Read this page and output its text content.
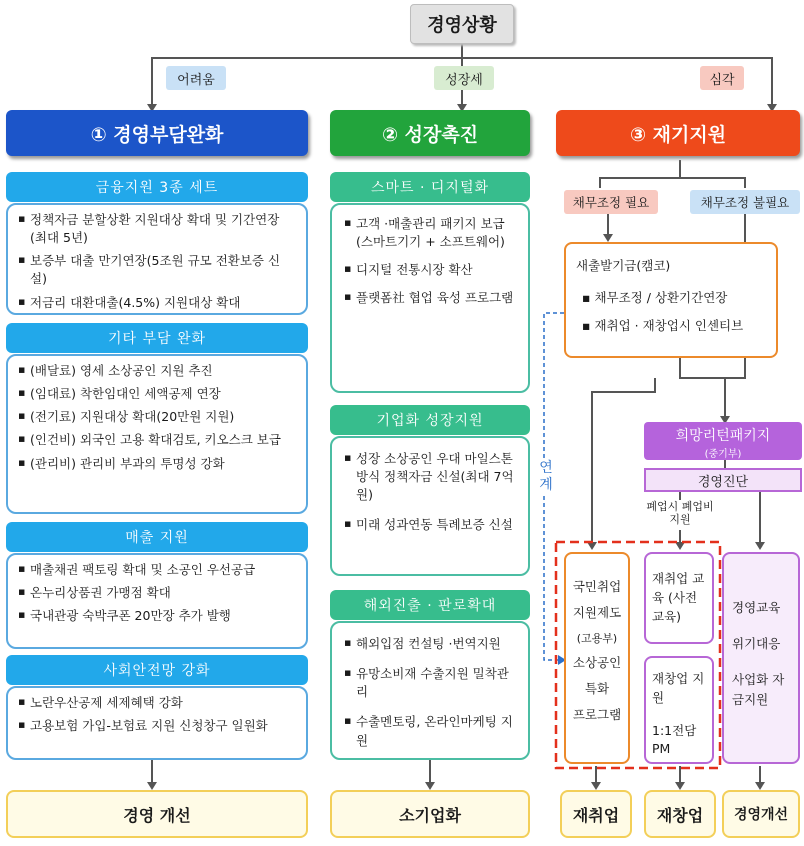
경영상황
어려움	성장세	심각
① 경영부담완화
금융지원 3종 세트
▪ 정책자금 분할상환 지원대상 확대 및 기간연장(최대 5년)
▪ 보증부 대출 만기연장(5조원 규모 전환보증 신설)
▪ 저금리 대환대출(4.5%) 지원대상 확대
기타 부담 완화
▪ (배달료) 영세 소상공인 지원 추진
▪ (임대료) 착한임대인 세액공제 연장
▪ (전기료) 지원대상 확대(20만원 지원)
▪ (인건비) 외국인 고용 확대검토, 키오스크 보급
▪ (관리비) 관리비 부과의 투명성 강화
매출 지원
▪ 매출채권 팩토링 확대 및 소공인 우선공급
▪ 온누리상품권 가맹점 확대
▪ 국내관광 숙박쿠폰 20만장 추가 발행
사회안전망 강화
▪ 노란우산공제 세제혜택 강화
▪ 고용보험 가입-보험료 지원 신청창구 일원화
경영 개선
② 성장촉진
스마트 · 디지털화
▪ 고객 ·매출관리 패키지 보급 (스마트기기 + 소프트웨어)
▪ 디지털 전통시장 확산
▪ 플랫폼社 협업 육성 프로그램
기업화 성장지원
▪ 성장 소상공인 우대 마일스톤 방식 정책자금 신설(최대 7억원)
▪ 미래 성과연동 특례보증 신설
해외진출 · 판로확대
▪ 해외입점 컨설팅 ·번역지원
▪ 유망소비재 수출지원 밀착관리
▪ 수출멘토링, 온라인마케팅 지원
소기업화
③ 재기지원
채무조정 필요	채무조정 불필요
새출발기금(캠코)
▪ 채무조정 / 상환기간연장
▪ 재취업 · 재창업시 인센티브
연계
희망리턴패키지
(중기부)
경영진단
폐업시 폐업비 지원
국민취업
지원제도
(고용부)
소상공인
특화
프로그램
재취업 교육 (사전교육)
재창업 지원
1:1전담 PM
경영교육
위기대응
사업화 자금지원
재취업	재창업	경영개선
